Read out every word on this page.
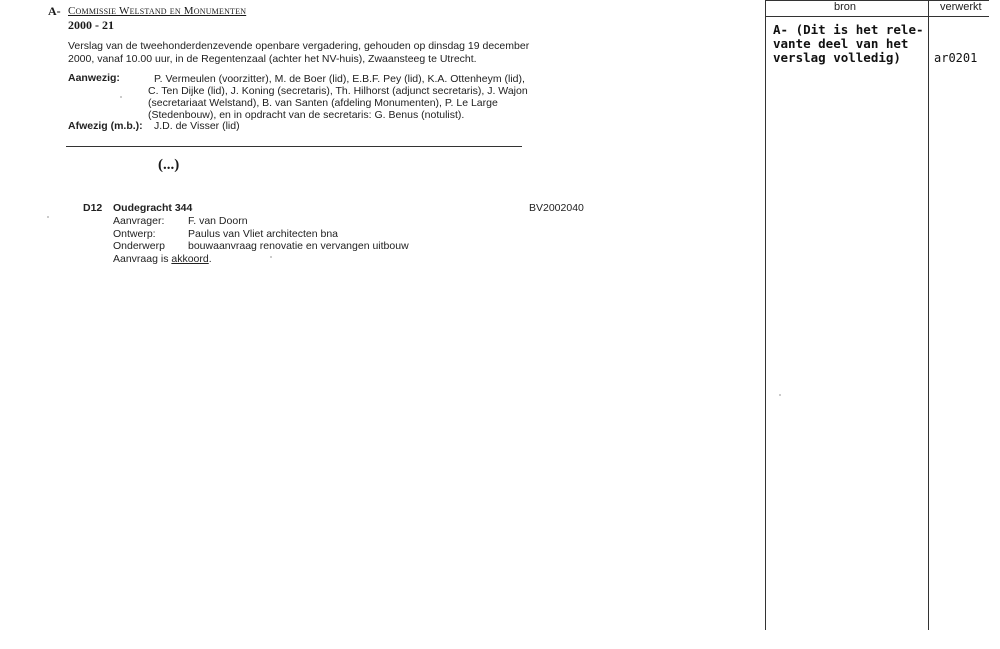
A- Commissie Welstand en Monumenten
2000 - 21
Verslag van de tweehonderdenzevende openbare vergadering, gehouden op dinsdag 19 december
2000, vanaf 10.00 uur, in de Regentenzaal (achter het NV-huis), Zwaansteeg te Utrecht.
Aanwezig:	P. Vermeulen (voorzitter), M. de Boer (lid), E.B.F. Pey (lid), K.A. Ottenheym (lid),
C. Ten Dijke (lid), J. Koning (secretaris), Th. Hilhorst (adjunct secretaris), J. Wajon
(secretariaat Welstand), B. van Santen (afdeling Monumenten), P. Le Large
(Stedenbouw), en in opdracht van de secretaris: G. Benus (notulist).
Afwezig (m.b.): J.D. de Visser (lid)
(...)
D12 Oudegracht 344	BV2002040
Aanvrager: F. van Doorn
Ontwerp:	Paulus van Vliet architecten bna
Onderwerp bouwaanvraag renovatie en vervangen uitbouw
Aanvraag is akkoord.
bron	verwerkt
A- (Dit is het rele-
vante deel van het
verslag volledig)	ar0201
